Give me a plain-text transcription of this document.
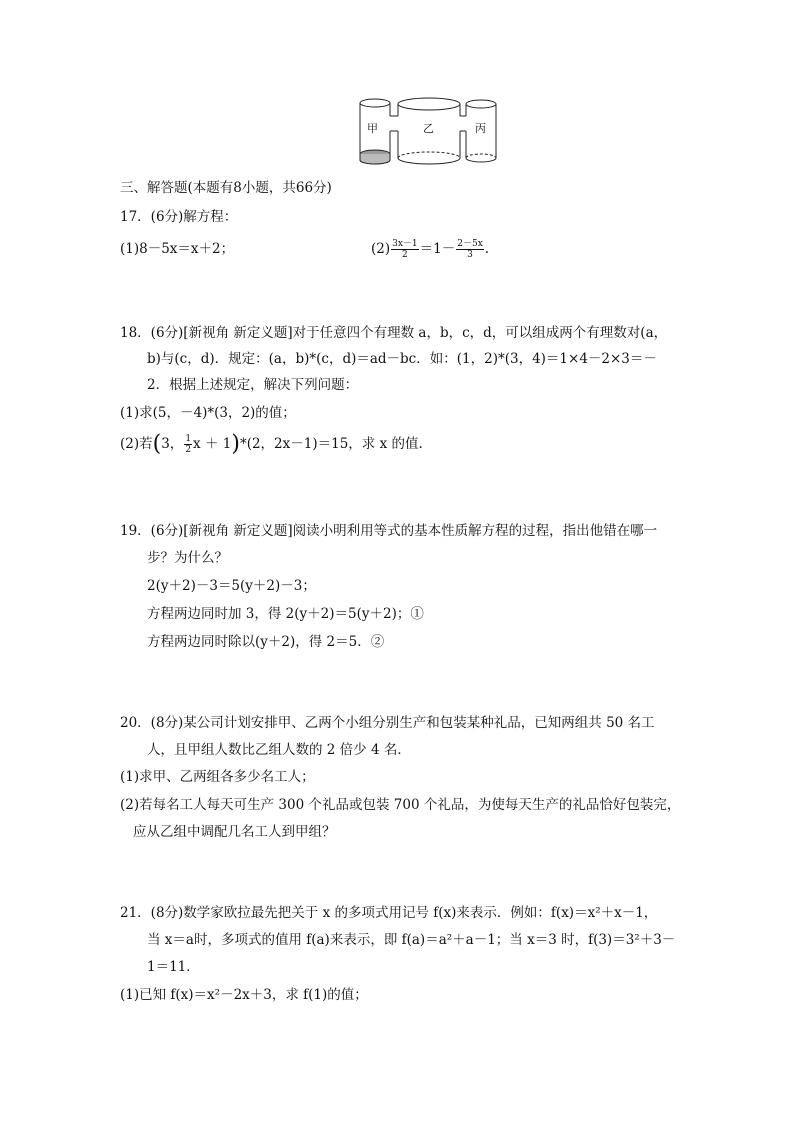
甲	乙	丙
三、解答题(本题有8小题，共66分)
17．(6分)解方程：
(1)8－5x＝x＋2；	$(2) \frac{3x-1}{2} =1- \frac{2-5x}{3}$ .
18．(6分)[新视角 新定义题]对于任意四个有理数 a，b，c，d，可以组成两个有理数对(a，
b)与(c，d)．规定：(a，b)*(c，d)＝ad－bc．如：(1，2)*(3，4)＝1×4－2×3＝－
2．根据上述规定，解决下列问题：
(1)求(5，－4)*(3，2)的值；
(2)若(3， $\frac{1}{2}$ x ＋ 1)*(2，2x－1)＝15，求 x 的值.
19．(6分)[新视角 新定义题]阅读小明利用等式的基本性质解方程的过程，指出他错在哪一
步？为什么？
2(y＋2)－3＝5(y＋2)－3；
方程两边同时加 3，得 2(y＋2)＝5(y＋2)；①
方程两边同时除以(y＋2)，得 2＝5．②
20．(8分)某公司计划安排甲、乙两个小组分别生产和包装某种礼品，已知两组共 50 名工
人，且甲组人数比乙组人数的 2 倍少 4 名．
(1)求甲、乙两组各多少名工人；
(2)若每名工人每天可生产 300 个礼品或包装 700 个礼品，为使每天生产的礼品恰好包装完，
应从乙组中调配几名工人到甲组？
21．(8分)数学家欧拉最先把关于 x 的多项式用记号 f(x)来表示．例如：f(x)＝x²＋x－1，
当 x＝a时，多项式的值用 f(a)来表示，即 f(a)＝a²＋a－1；当 x＝3 时，f(3)＝3²＋3－
1＝11．
(1)已知 f(x)＝x²－2x＋3，求 f(1)的值；
